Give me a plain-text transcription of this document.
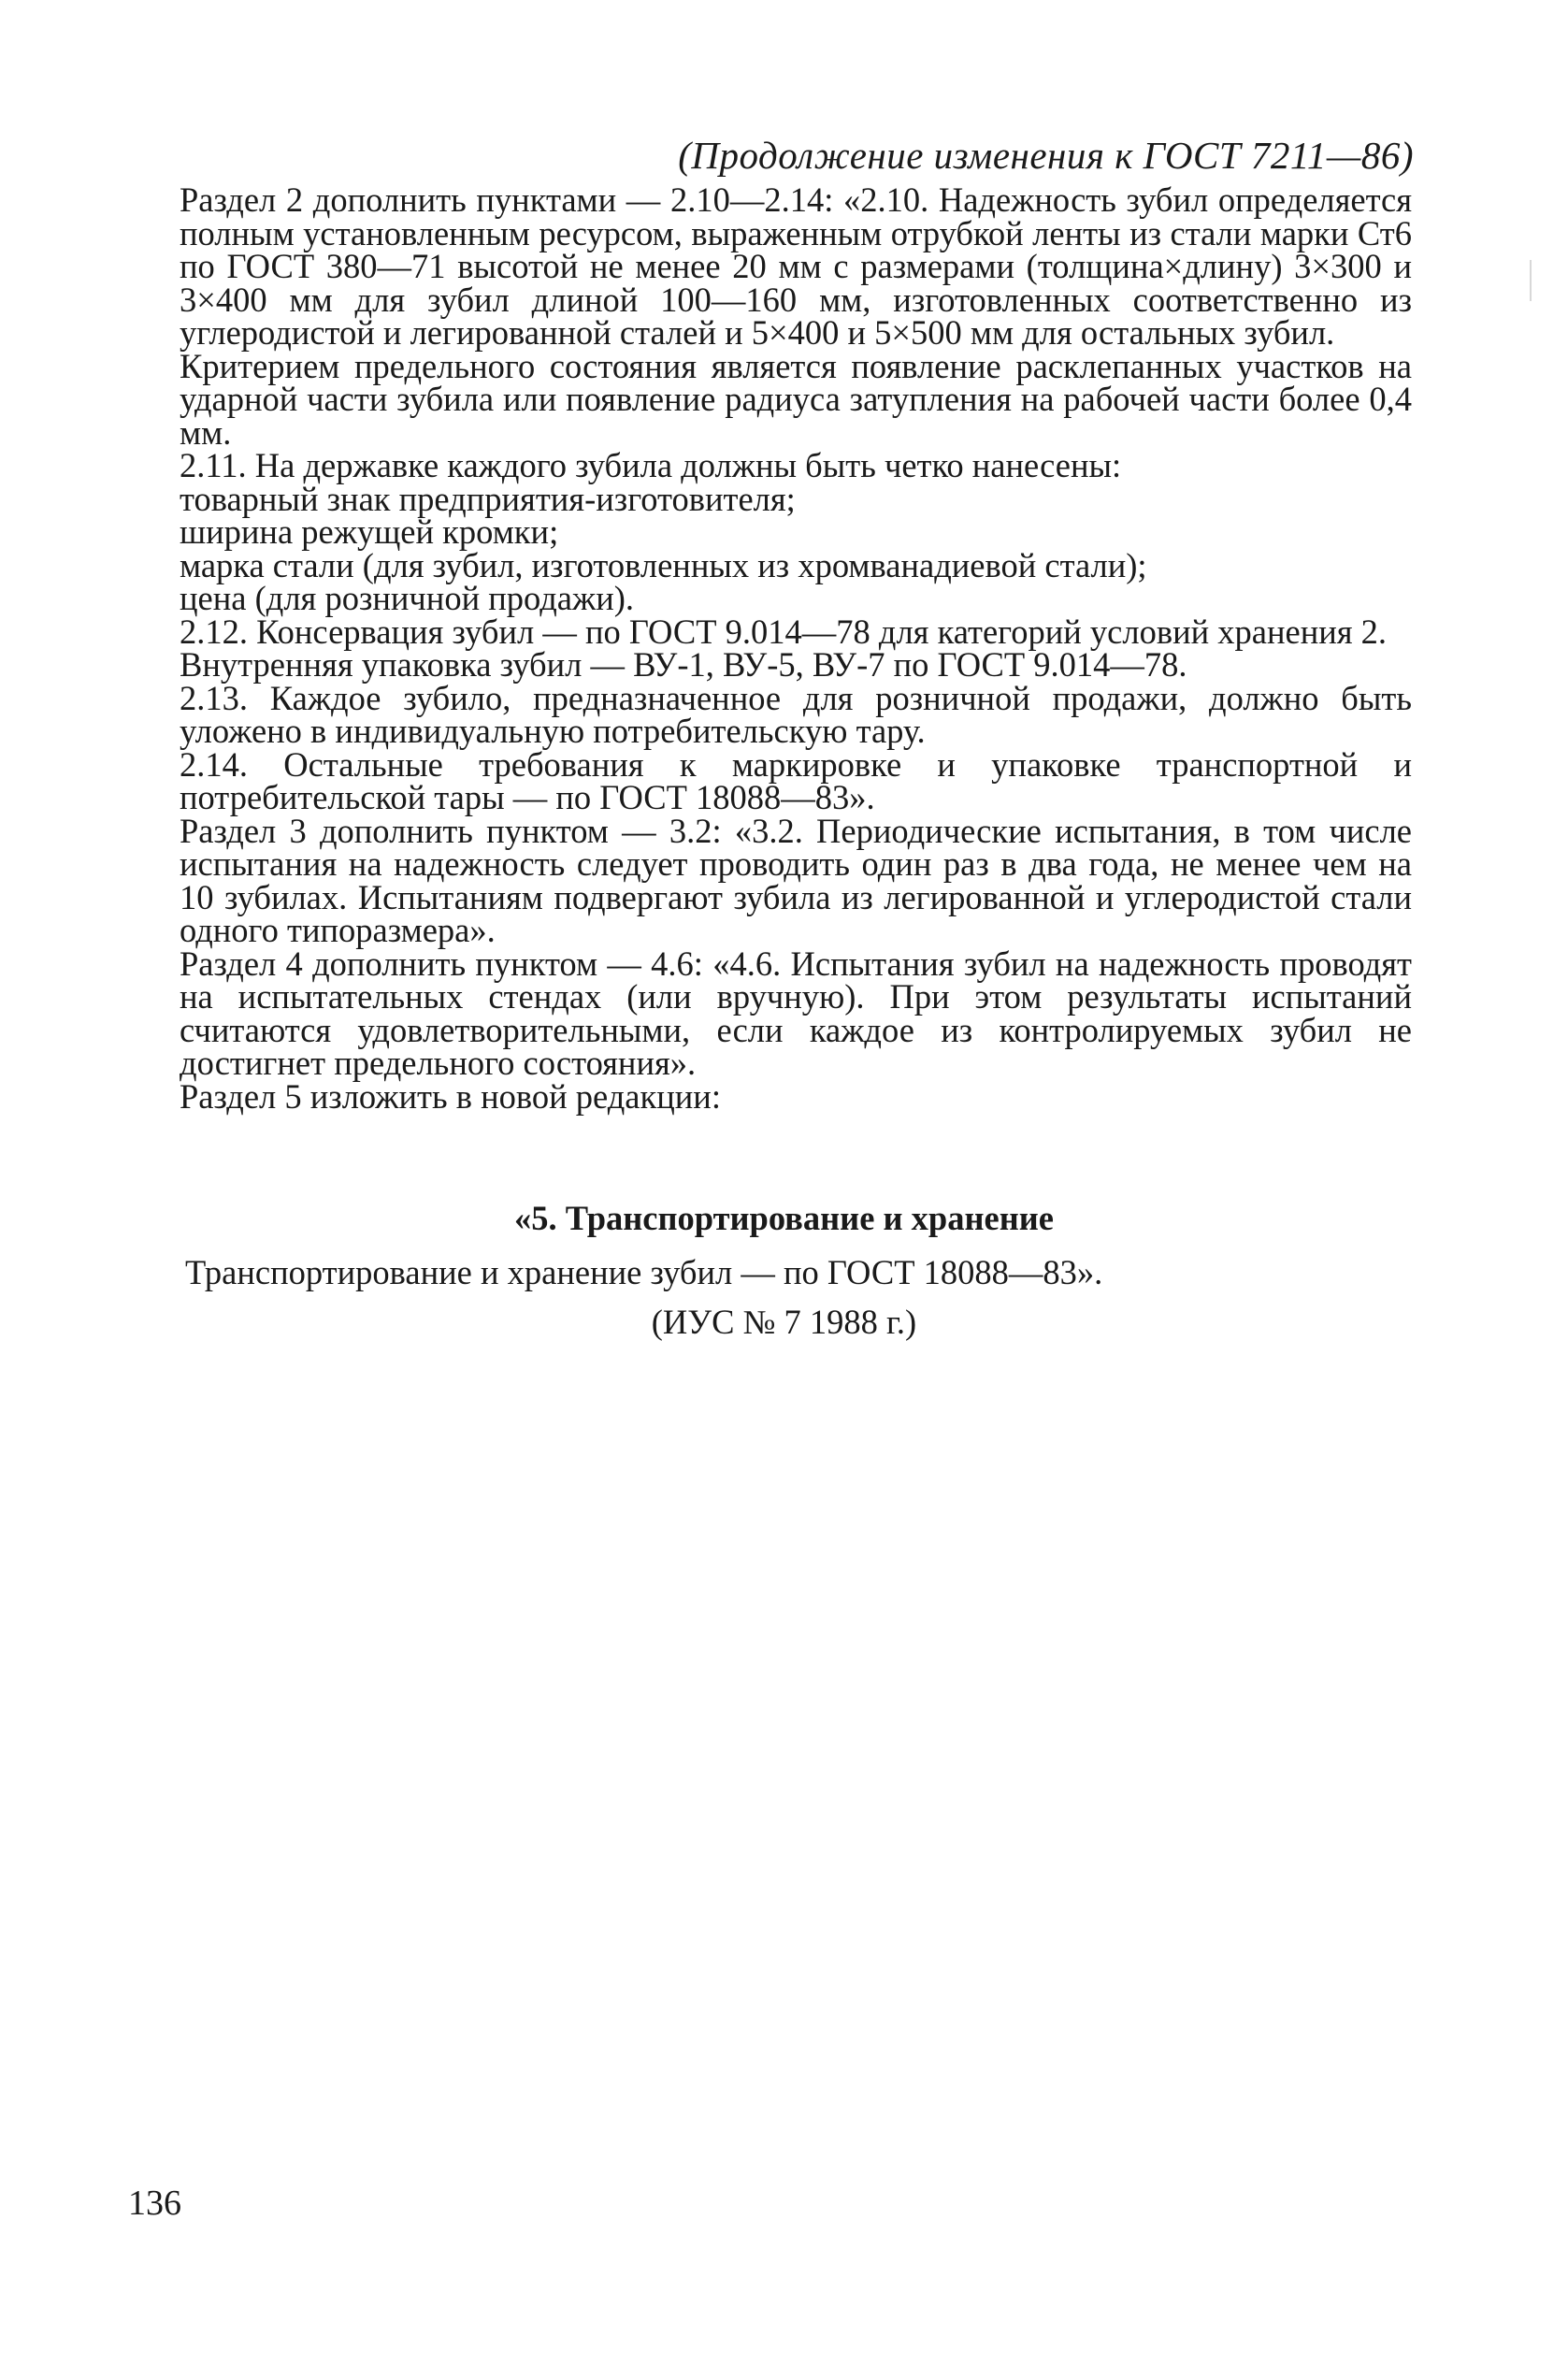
(Продолжение изменения к ГОСТ 7211—86)

Раздел 2 дополнить пунктами — 2.10—2.14: «2.10. Надежность зубил определяется полным установленным ресурсом, выраженным отрубкой ленты из стали марки Ст6 по ГОСТ 380—71 высотой не менее 20 мм с размерами (толщина×длину) 3×300 и 3×400 мм для зубил длиной 100—160 мм, изготовленных соответственно из углеродистой и легированной сталей и 5×400 и 5×500 мм для остальных зубил.

Критерием предельного состояния является появление расклепанных участков на ударной части зубила или появление радиуса затупления на рабочей части более 0,4 мм.

2.11. На державке каждого зубила должны быть четко нанесены:

товарный знак предприятия-изготовителя;

ширина режущей кромки;

марка стали (для зубил, изготовленных из хромванадиевой стали);

цена (для розничной продажи).

2.12. Консервация зубил — по ГОСТ 9.014—78 для категорий условий хранения 2.

Внутренняя упаковка зубил — ВУ-1, ВУ-5, ВУ-7 по ГОСТ 9.014—78.

2.13. Каждое зубило, предназначенное для розничной продажи, должно быть уложено в индивидуальную потребительскую тару.

2.14. Остальные требования к маркировке и упаковке транспортной и потребительской тары — по ГОСТ 18088—83».

Раздел 3 дополнить пунктом — 3.2: «3.2. Периодические испытания, в том числе испытания на надежность следует проводить один раз в два года, не менее чем на 10 зубилах. Испытаниям подвергают зубила из легированной и углеродистой стали одного типоразмера».

Раздел 4 дополнить пунктом — 4.6: «4.6. Испытания зубил на надежность проводят на испытательных стендах (или вручную). При этом результаты испытаний считаются удовлетворительными, если каждое из контролируемых зубил не достигнет предельного состояния».

Раздел 5 изложить в новой редакции:

«5. Транспортирование и хранение
Транспортирование и хранение зубил — по ГОСТ 18088—83».
(ИУС № 7 1988 г.)
136
